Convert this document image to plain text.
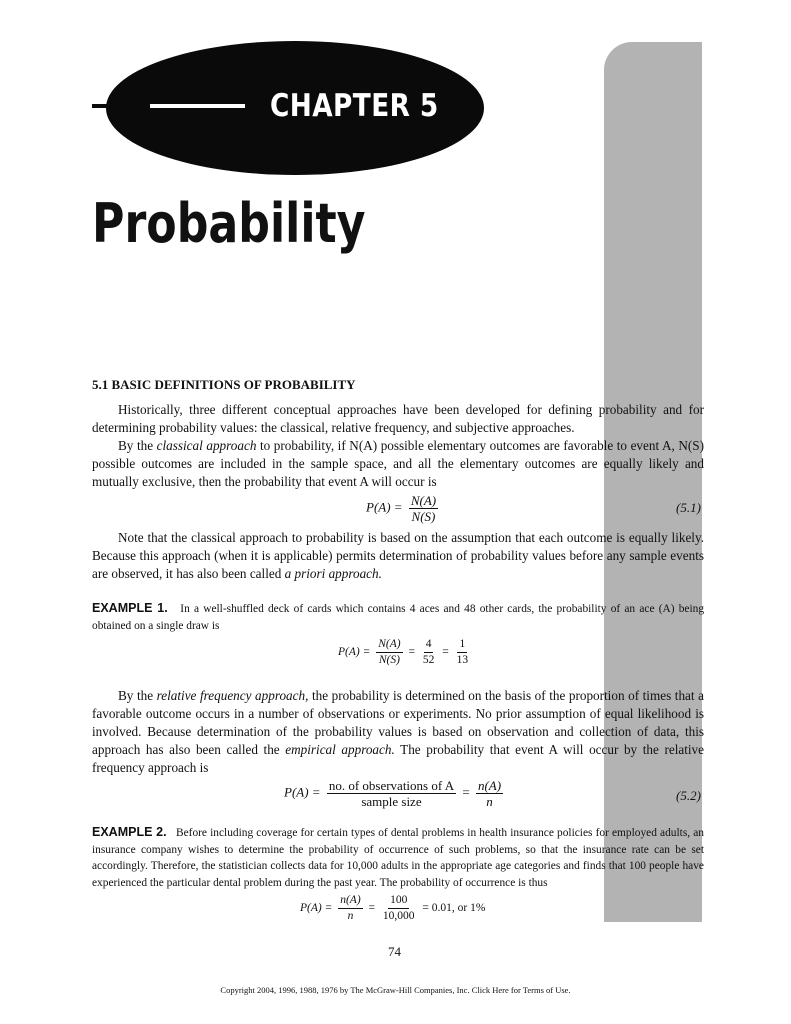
CHAPTER 5
Probability
5.1 BASIC DEFINITIONS OF PROBABILITY

Historically, three different conceptual approaches have been developed for defining probability and for determining probability values: the classical, relative frequency, and subjective approaches.

By the classical approach to probability, if N(A) possible elementary outcomes are favorable to event A, N(S) possible outcomes are included in the sample space, and all the elementary outcomes are equally likely and mutually exclusive, then the probability that event A will occur is

$P(A) = \frac{N(A)}{N(S)}$	(5.1)

Note that the classical approach to probability is based on the assumption that each outcome is equally likely. Because this approach (when it is applicable) permits determination of probability values before any sample events are observed, it has also been called a priori approach.

EXAMPLE 1. In a well-shuffled deck of cards which contains 4 aces and 48 other cards, the probability of an ace (A) being obtained on a single draw is

$P(A) = \frac{N(A)}{N(S)} = \frac{4}{52} = \frac{1}{13}$

By the relative frequency approach, the probability is determined on the basis of the proportion of times that a favorable outcome occurs in a number of observations or experiments. No prior assumption of equal likelihood is involved. Because determination of the probability values is based on observation and collection of data, this approach has also been called the empirical approach. The probability that event A will occur by the relative frequency approach is

$P(A) = \frac{\text{no. of observations of A}}{\text{sample size}} = \frac{n(A)}{n}$	(5.2)

EXAMPLE 2. Before including coverage for certain types of dental problems in health insurance policies for employed adults, an insurance company wishes to determine the probability of occurrence of such problems, so that the insurance rate can be set accordingly. Therefore, the statistician collects data for 10,000 adults in the appropriate age categories and finds that 100 people have experienced the particular dental problem during the past year. The probability of occurrence is thus

$P(A) = \frac{n(A)}{n} = \frac{100}{10,000} = 0.01$, or 1%
74
Copyright 2004, 1996, 1988, 1976 by The McGraw-Hill Companies, Inc. Click Here for Terms of Use.
